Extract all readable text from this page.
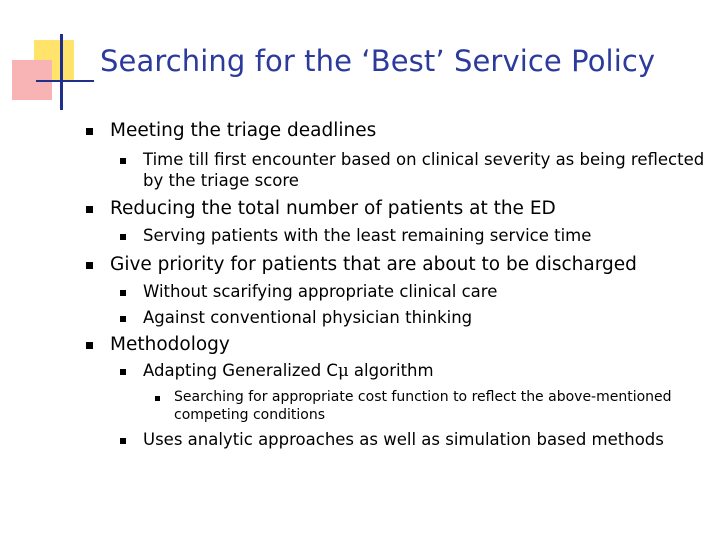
Searching for the ‘Best’ Service Policy
Meeting the triage deadlines
Time till first encounter based on clinical severity as being reflected
by the triage score
Reducing the total number of patients at the ED
Serving patients with the least remaining service time
Give priority for patients that are about to be discharged
Without scarifying appropriate clinical care
Against conventional physician thinking
Methodology
Adapting Generalized Cμ algorithm
Searching for appropriate cost function to reflect the above-mentioned
competing conditions
Uses analytic approaches as well as simulation based methods
